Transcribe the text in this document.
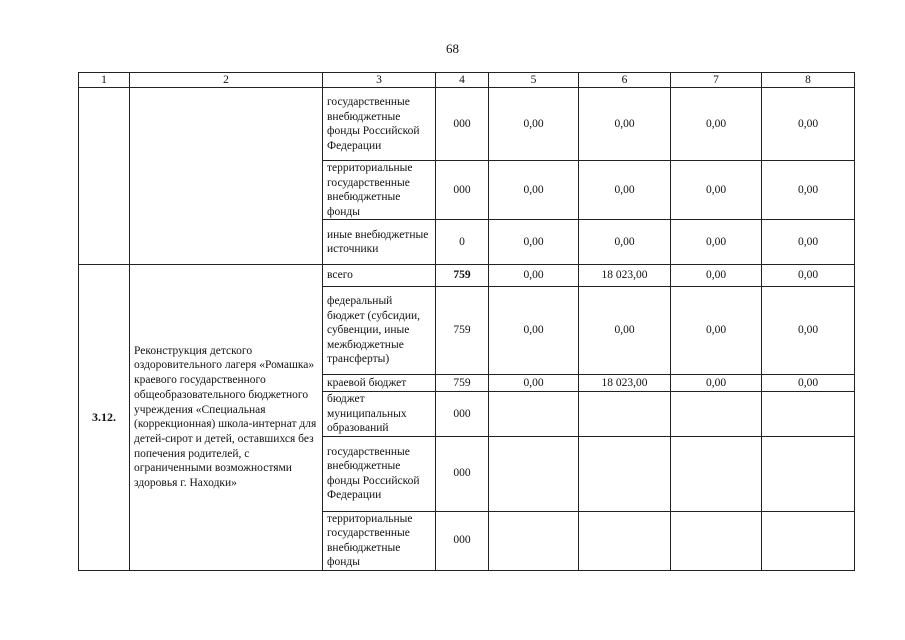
68
1	2	3	4	5	6	7	8
		государственные внебюджетные фонды Российской Федерации	000	0,00	0,00	0,00	0,00
		территориальные государственные внебюджетные фонды	000	0,00	0,00	0,00	0,00
		иные внебюджетные источники	0	0,00	0,00	0,00	0,00
3.12.	Реконструкция детского оздоровительного лагеря «Ромашка» краевого государственного общеобразовательного бюджетного учреждения «Специальная (коррекционная) школа-интернат для детей-сирот и детей, оставшихся без попечения родителей, с ограниченными возможностями здоровья г. Находки»	всего	759	0,00	18 023,00	0,00	0,00
		федеральный бюджет (субсидии, субвенции, иные межбюджетные трансферты)	759	0,00	0,00	0,00	0,00
		краевой бюджет	759	0,00	18 023,00	0,00	0,00
		бюджет муниципальных образований	000				
		государственные внебюджетные фонды Российской Федерации	000				
		территориальные государственные внебюджетные фонды	000				
